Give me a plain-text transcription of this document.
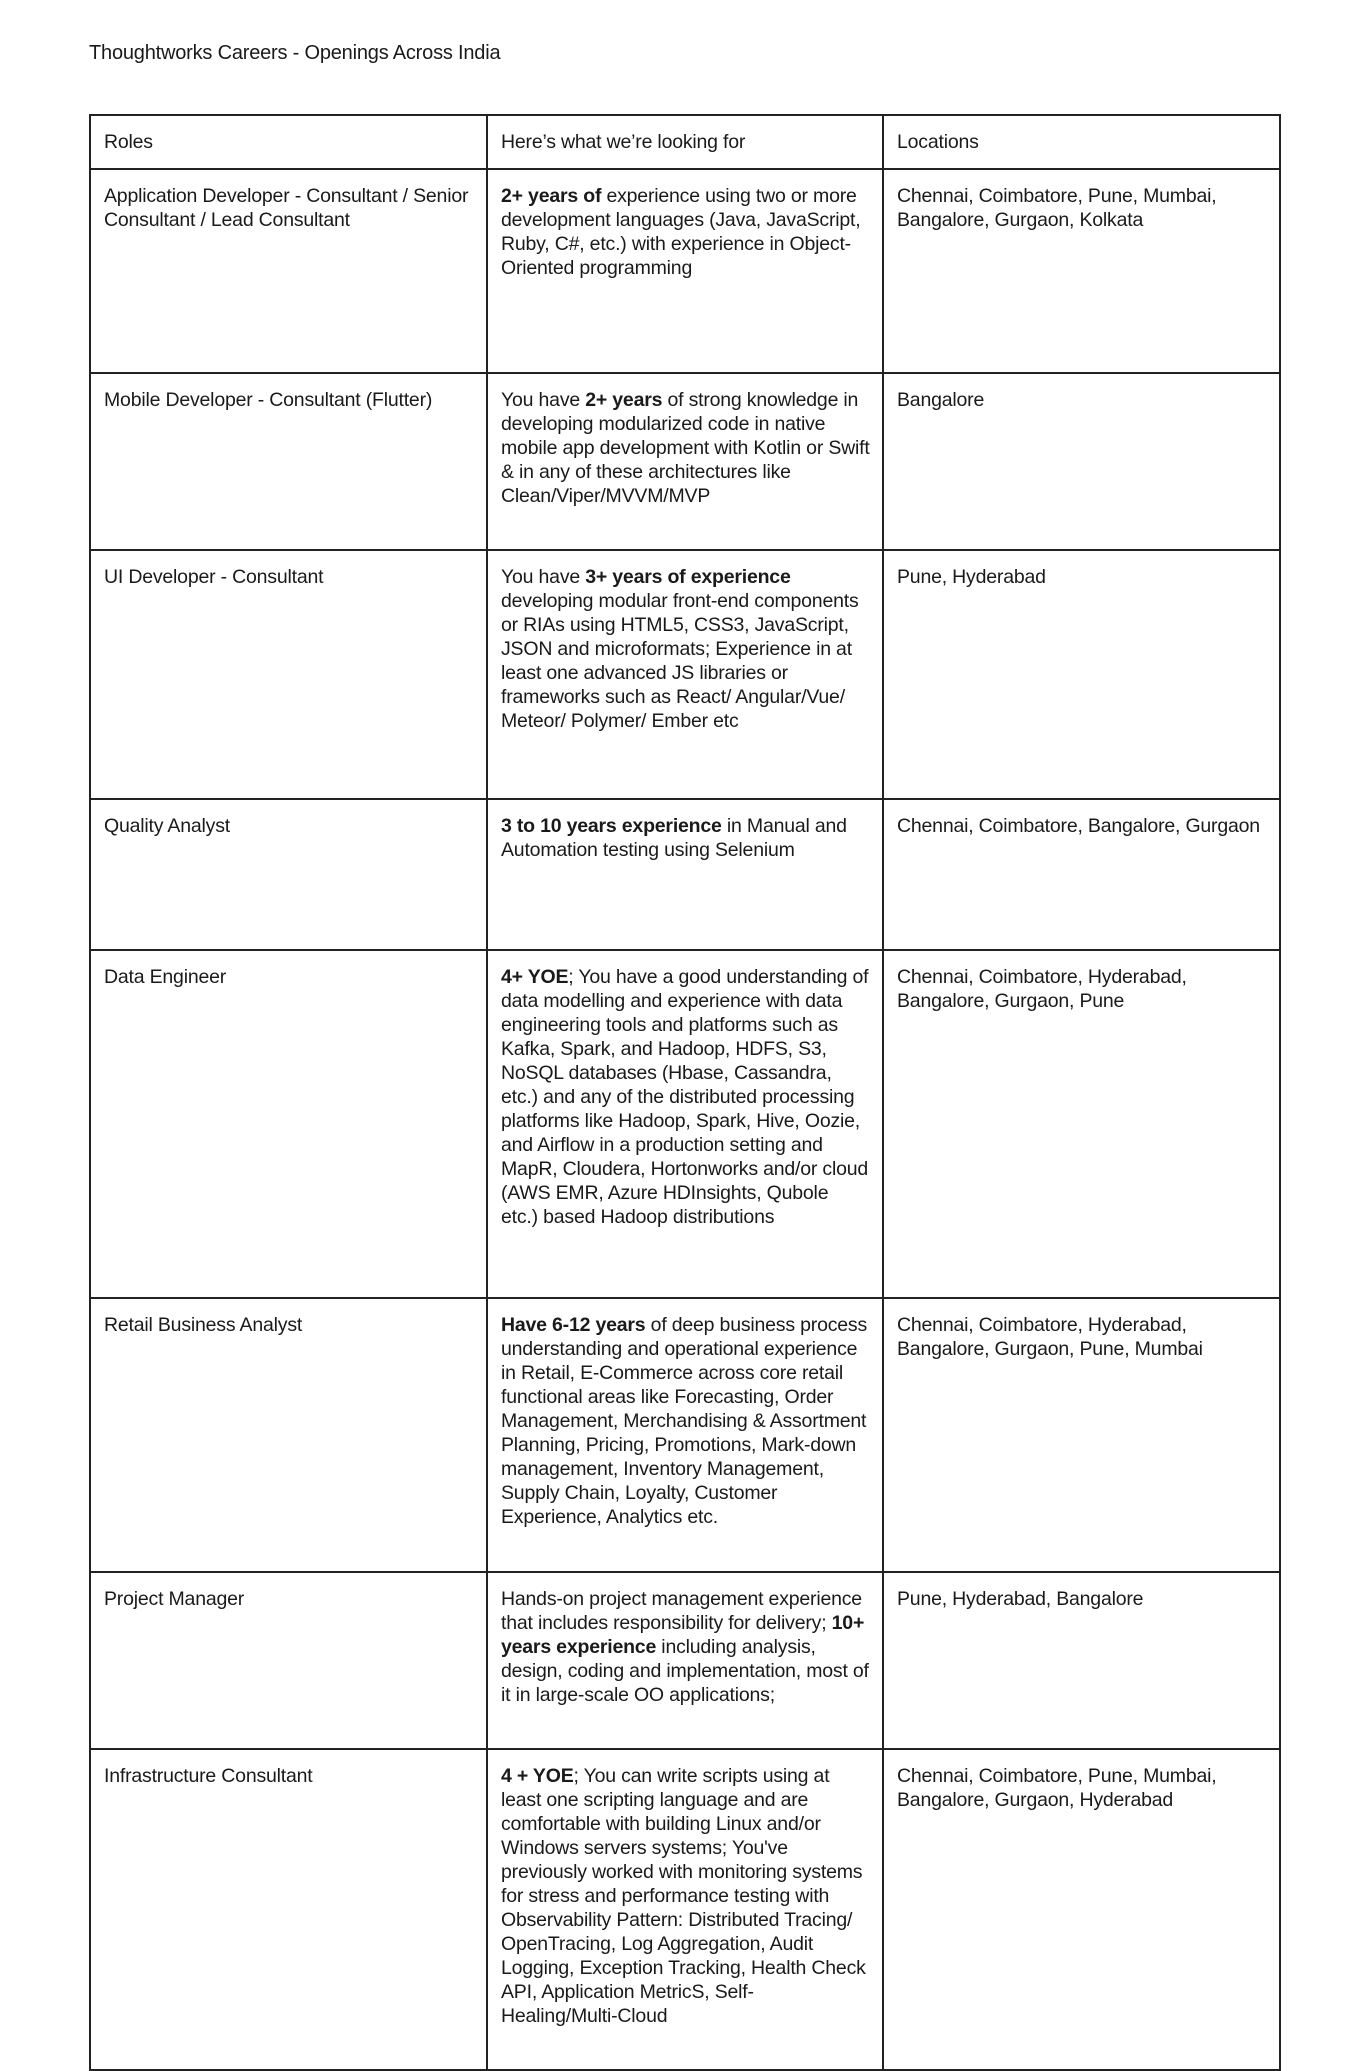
Thoughtworks Careers - Openings Across India
Roles	Here’s what we’re looking for	Locations
Application Developer - Consultant / Senior Consultant / Lead Consultant	2+ years of experience using two or more development languages (Java, JavaScript, Ruby, C#, etc.) with experience in Object-Oriented programming	Chennai, Coimbatore, Pune, Mumbai, Bangalore, Gurgaon, Kolkata
Mobile Developer - Consultant (Flutter)	You have 2+ years of strong knowledge in developing modularized code in native mobile app development with Kotlin or Swift & in any of these architectures like Clean/Viper/MVVM/MVP	Bangalore
UI Developer - Consultant	You have 3+ years of experience developing modular front-end components or RIAs using HTML5, CSS3, JavaScript, JSON and microformats; Experience in at least one advanced JS libraries or frameworks such as React/ Angular/Vue/ Meteor/ Polymer/ Ember etc	Pune, Hyderabad
Quality Analyst	3 to 10 years experience in Manual and Automation testing using Selenium	Chennai, Coimbatore, Bangalore, Gurgaon
Data Engineer	4+ YOE; You have a good understanding of data modelling and experience with data engineering tools and platforms such as Kafka, Spark, and Hadoop, HDFS, S3, NoSQL databases (Hbase, Cassandra, etc.) and any of the distributed processing platforms like Hadoop, Spark, Hive, Oozie, and Airflow in a production setting and MapR, Cloudera, Hortonworks and/or cloud (AWS EMR, Azure HDInsights, Qubole etc.) based Hadoop distributions	Chennai, Coimbatore, Hyderabad, Bangalore, Gurgaon, Pune
Retail Business Analyst	Have 6-12 years of deep business process understanding and operational experience in Retail, E-Commerce across core retail functional areas like Forecasting, Order Management, Merchandising & Assortment Planning, Pricing, Promotions, Mark-down management, Inventory Management, Supply Chain, Loyalty, Customer Experience, Analytics etc.	Chennai, Coimbatore, Hyderabad, Bangalore, Gurgaon, Pune, Mumbai
Project Manager	Hands-on project management experience that includes responsibility for delivery; 10+ years experience including analysis, design, coding and implementation, most of it in large-scale OO applications;	Pune, Hyderabad, Bangalore
Infrastructure Consultant	4 + YOE; You can write scripts using at least one scripting language and are comfortable with building Linux and/or Windows servers systems; You've previously worked with monitoring systems for stress and performance testing with Observability Pattern: Distributed Tracing/ OpenTracing, Log Aggregation, Audit Logging, Exception Tracking, Health Check API, Application MetricS, Self-Healing/Multi-Cloud	Chennai, Coimbatore, Pune, Mumbai, Bangalore, Gurgaon, Hyderabad
